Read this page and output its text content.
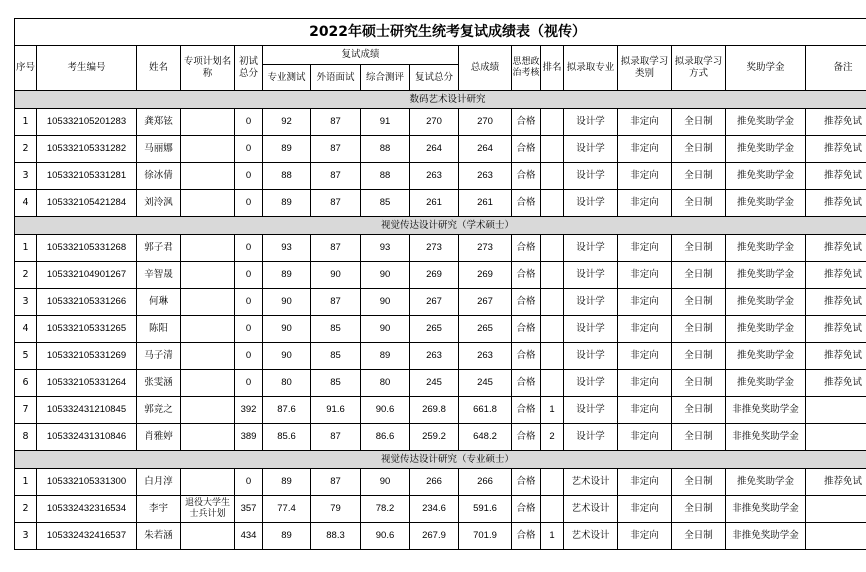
2022年硕士研究生统考复试成绩表（视传）																
序号	考生编号	姓名	专项计划名称	初试总分	复试成绩				总成绩	思想政治考核	排名	拟录取专业	拟录取学习类别	拟录取学习方式	奖助学金	备注
					专业测试	外语面试	综合测评	复试总分								
数码艺术设计研究																
1	105332105201283	龚郑铉		0	92	87	91	270	270	合格		设计学	非定向	全日制	推免奖助学金	推荐免试
2	105332105331282	马丽娜		0	89	87	88	264	264	合格		设计学	非定向	全日制	推免奖助学金	推荐免试
3	105332105331281	徐冰倩		0	88	87	88	263	263	合格		设计学	非定向	全日制	推免奖助学金	推荐免试
4	105332105421284	刘泠沨		0	89	87	85	261	261	合格		设计学	非定向	全日制	推免奖助学金	推荐免试
视觉传达设计研究（学术硕士）																
1	105332105331268	郭子君		0	93	87	93	273	273	合格		设计学	非定向	全日制	推免奖助学金	推荐免试
2	105332104901267	辛智晟		0	89	90	90	269	269	合格		设计学	非定向	全日制	推免奖助学金	推荐免试
3	105332105331266	何琳		0	90	87	90	267	267	合格		设计学	非定向	全日制	推免奖助学金	推荐免试
4	105332105331265	陈阳		0	90	85	90	265	265	合格		设计学	非定向	全日制	推免奖助学金	推荐免试
5	105332105331269	马子清		0	90	85	89	263	263	合格		设计学	非定向	全日制	推免奖助学金	推荐免试
6	105332105331264	张雯涵		0	80	85	80	245	245	合格		设计学	非定向	全日制	推免奖助学金	推荐免试
7	105332431210845	郭竞之		392	87.6	91.6	90.6	269.8	661.8	合格	1	设计学	非定向	全日制	非推免奖助学金	
8	105332431310846	肖雅婷		389	85.6	87	86.6	259.2	648.2	合格	2	设计学	非定向	全日制	非推免奖助学金	
视觉传达设计研究（专业硕士）																
1	105332105331300	白月淳		0	89	87	90	266	266	合格		艺术设计	非定向	全日制	推免奖助学金	推荐免试
2	105332432316534	李宇	退役大学生士兵计划	357	77.4	79	78.2	234.6	591.6	合格		艺术设计	非定向	全日制	非推免奖助学金	
3	105332432416537	朱若涵		434	89	88.3	90.6	267.9	701.9	合格	1	艺术设计	非定向	全日制	非推免奖助学金	
